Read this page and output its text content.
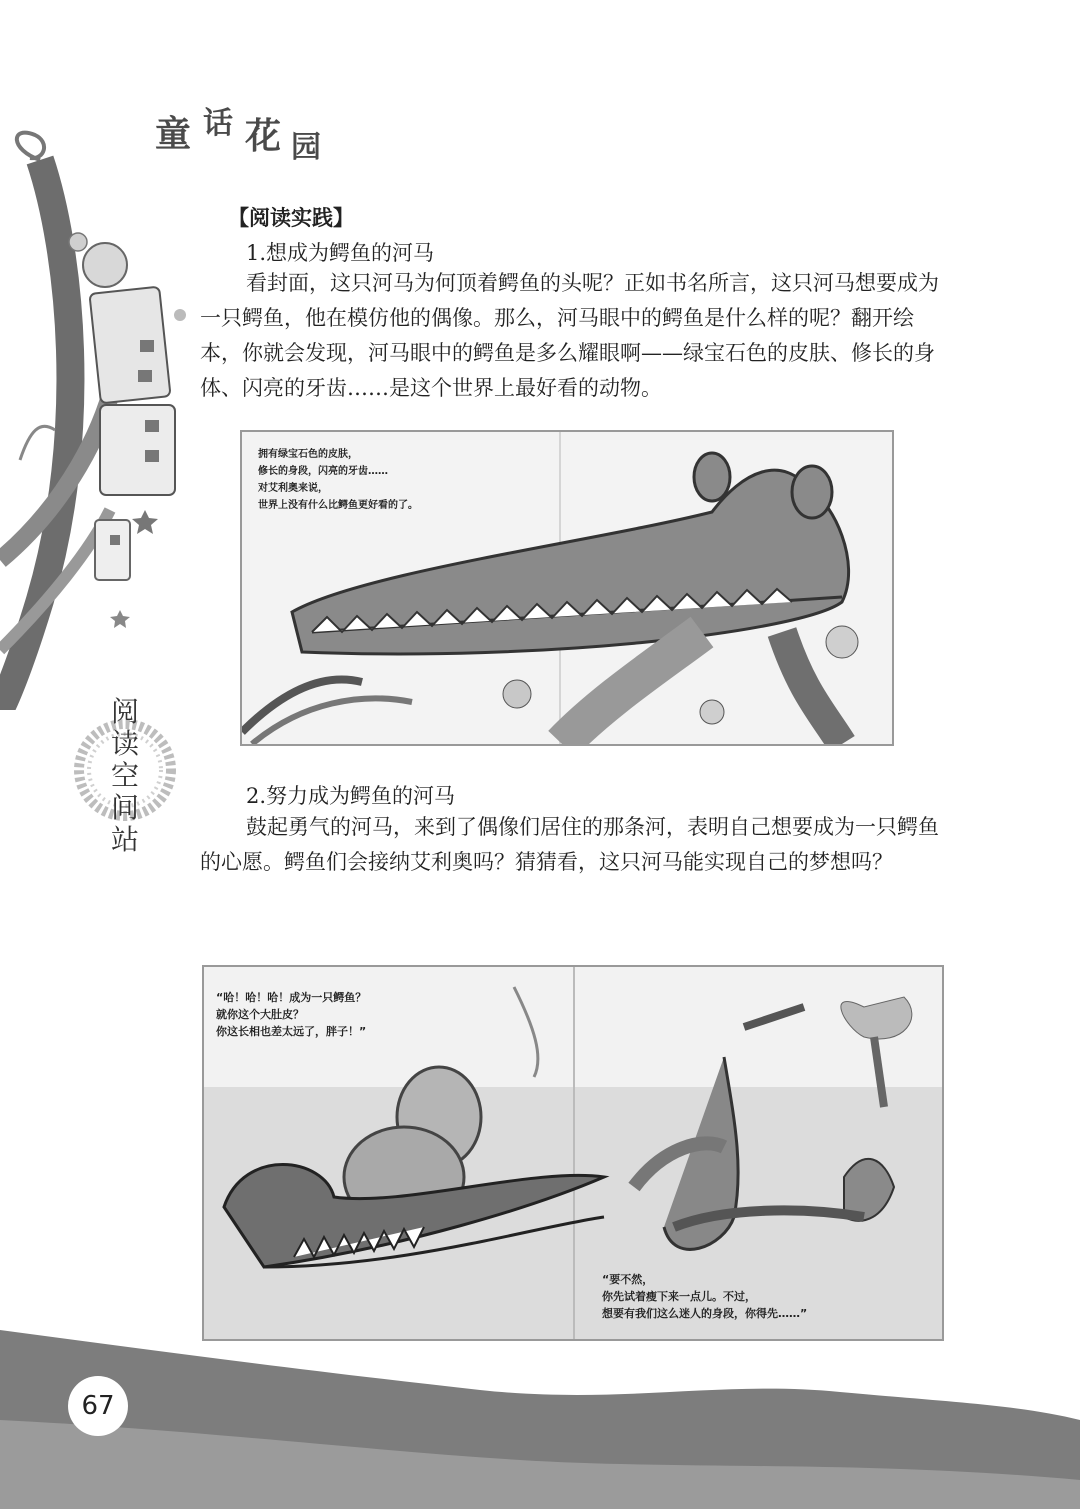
童 话 花 园
阅
读
空
间
站
【阅读实践】
1.想成为鳄鱼的河马

看封面，这只河马为何顶着鳄鱼的头呢？正如书名所言，这只河马想要成为一只鳄鱼，他在模仿他的偶像。那么，河马眼中的鳄鱼是什么样的呢？翻开绘本，你就会发现，河马眼中的鳄鱼是多么耀眼啊——绿宝石色的皮肤、修长的身体、闪亮的牙齿……是这个世界上最好看的动物。

拥有绿宝石色的皮肤，
修长的身段，闪亮的牙齿……
对艾利奥来说，
世界上没有什么比鳄鱼更好看的了。
2.努力成为鳄鱼的河马

鼓起勇气的河马，来到了偶像们居住的那条河，表明自己想要成为一只鳄鱼的心愿。鳄鱼们会接纳艾利奥吗？猜猜看，这只河马能实现自己的梦想吗？

“哈！哈！哈！成为一只鳄鱼？
就你这个大肚皮？
你这长相也差太远了，胖子！”
“要不然，
你先试着瘦下来一点儿。不过，
想要有我们这么迷人的身段，你得先……”
67
